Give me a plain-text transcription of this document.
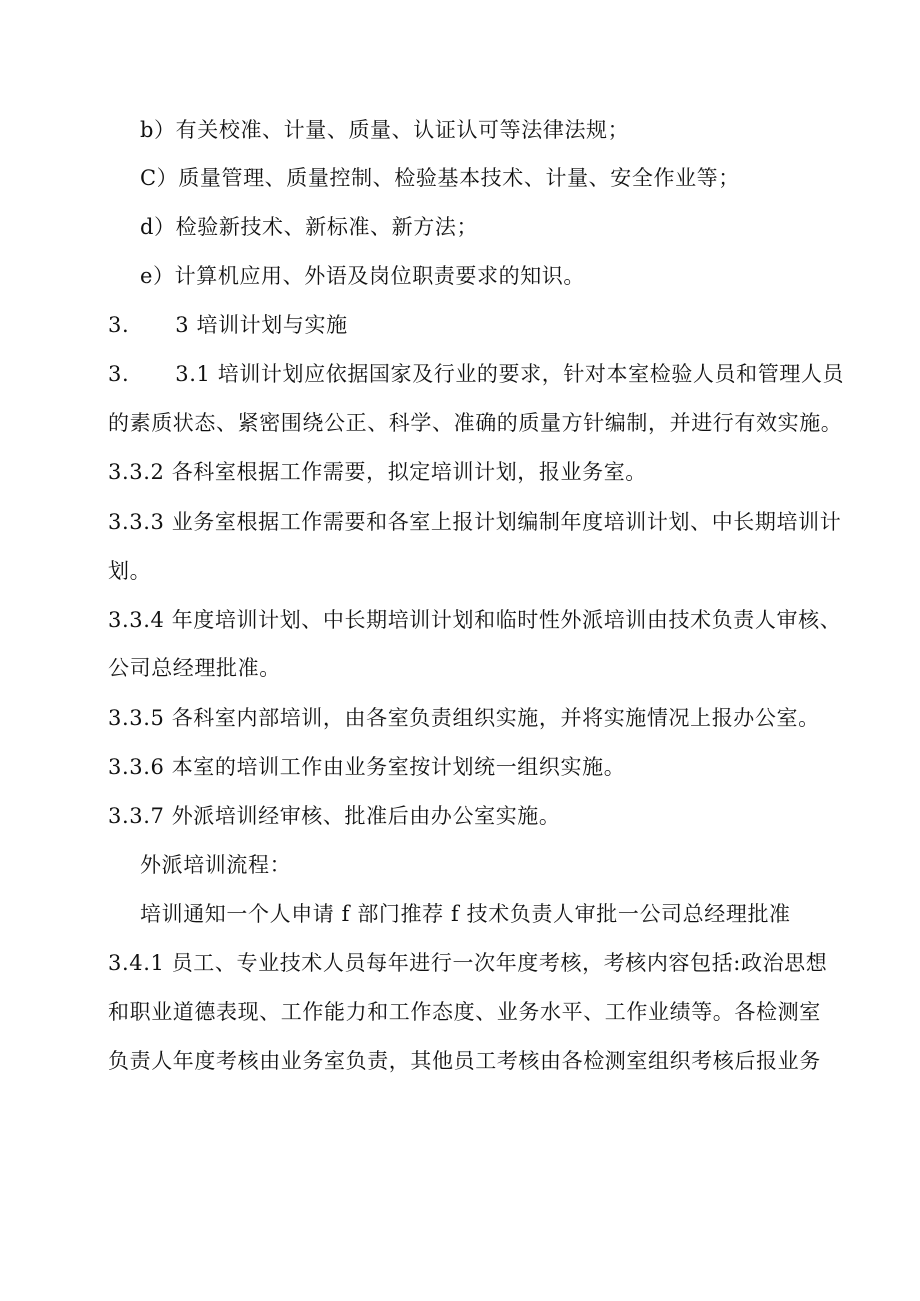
b）有关校准、计量、质量、认证认可等法律法规；
C）质量管理、质量控制、检验基本技术、计量、安全作业等；
d）检验新技术、新标准、新方法；
e）计算机应用、外语及岗位职责要求的知识。
3. 3 培训计划与实施
3. 3.1 培训计划应依据国家及行业的要求，针对本室检验人员和管理人员
的素质状态、紧密围绕公正、科学、准确的质量方针编制，并进行有效实施。
3.3.2 各科室根据工作需要，拟定培训计划，报业务室。
3.3.3 业务室根据工作需要和各室上报计划编制年度培训计划、中长期培训计
划。
3.3.4 年度培训计划、中长期培训计划和临时性外派培训由技术负责人审核、
公司总经理批准。
3.3.5 各科室内部培训，由各室负责组织实施，并将实施情况上报办公室。
3.3.6 本室的培训工作由业务室按计划统一组织实施。
3.3.7 外派培训经审核、批准后由办公室实施。
外派培训流程：
培训通知一个人申请 f 部门推荐 f 技术负责人审批一公司总经理批准
3.4.1 员工、专业技术人员每年进行一次年度考核，考核内容包括:政治思想
和职业道德表现、工作能力和工作态度、业务水平、工作业绩等。各检测室
负责人年度考核由业务室负责，其他员工考核由各检测室组织考核后报业务
